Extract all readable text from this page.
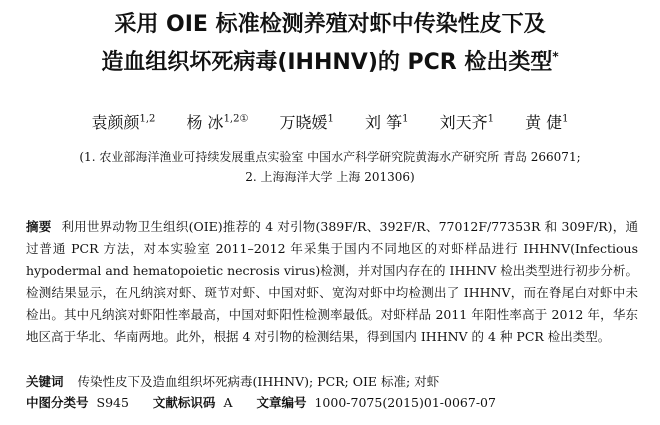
采用 OIE 标准检测养殖对虾中传染性皮下及
造血组织坏死病毒(IHHNV)的 PCR 检出类型*
袁颜颜$^{1,2}$ 杨 冰$^{1,2①}$ 万晓媛$^1$ 刘 筝$^1$ 刘天齐$^1$ 黄 倢$^1$
(1. 农业部海洋渔业可持续发展重点实验室 中国水产科学研究院黄海水产研究所 青岛 266071;
2. 上海海洋大学 上海 201306)

摘要 利用世界动物卫生组织(OIE)推荐的 4 对引物(389F/R、392F/R、77012F/77353R 和 309F/R)，通过普通 PCR 方法，对本实验室 2011–2012 年采集于国内不同地区的对虾样品进行 IHHNV(Infectious hypodermal and hematopoietic necrosis virus)检测，并对国内存在的 IHHNV 检出类型进行初步分析。检测结果显示，在凡纳滨对虾、斑节对虾、中国对虾、宽沟对虾中均检测出了 IHHNV，而在脊尾白对虾中未检出。其中凡纳滨对虾阳性率最高，中国对虾阳性检测率最低。对虾样品 2011 年阳性率高于 2012 年，华东地区高于华北、华南两地。此外，根据 4 对引物的检测结果，得到国内 IHHNV 的 4 种 PCR 检出类型。

关键词 传染性皮下及造血组织坏死病毒(IHHNV); PCR; OIE 标准; 对虾
中图分类号 S945 文献标识码 A 文章编号 1000-7075(2015)01-0067-07
